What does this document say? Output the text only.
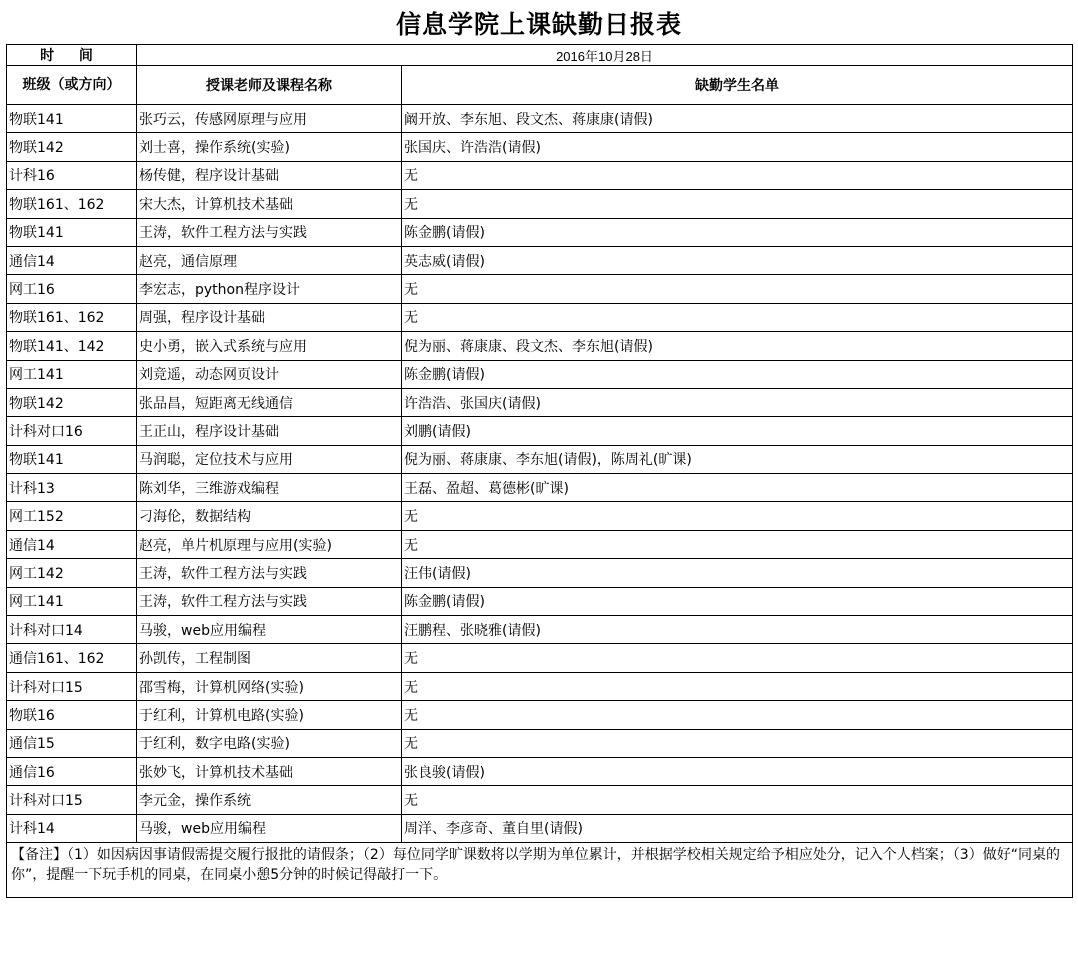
信息学院上课缺勤日报表
时 间	2016年10月28日	
班级（或方向）	授课老师及课程名称	缺勤学生名单
物联141	张巧云，传感网原理与应用	阚开放、李东旭、段文杰、蒋康康(请假)
物联142	刘士喜，操作系统(实验)	张国庆、许浩浩(请假)
计科16	杨传健，程序设计基础	无
物联161、162	宋大杰，计算机技术基础	无
物联141	王涛，软件工程方法与实践	陈金鹏(请假)
通信14	赵亮，通信原理	英志威(请假)
网工16	李宏志，python程序设计	无
物联161、162	周强，程序设计基础	无
物联141、142	史小勇，嵌入式系统与应用	倪为丽、蒋康康、段文杰、李东旭(请假)
网工141	刘竞遥，动态网页设计	陈金鹏(请假)
物联142	张品昌，短距离无线通信	许浩浩、张国庆(请假)
计科对口16	王正山，程序设计基础	刘鹏(请假)
物联141	马润聪，定位技术与应用	倪为丽、蒋康康、李东旭(请假)，陈周礼(旷课)
计科13	陈刘华，三维游戏编程	王磊、盈超、葛德彬(旷课)
网工152	刁海伦，数据结构	无
通信14	赵亮，单片机原理与应用(实验)	无
网工142	王涛，软件工程方法与实践	汪伟(请假)
网工141	王涛，软件工程方法与实践	陈金鹏(请假)
计科对口14	马骏，web应用编程	汪鹏程、张晓雅(请假)
通信161、162	孙凯传，工程制图	无
计科对口15	邵雪梅，计算机网络(实验)	无
物联16	于红利，计算机电路(实验)	无
通信15	于红利，数字电路(实验)	无
通信16	张妙飞，计算机技术基础	张良骏(请假)
计科对口15	李元金，操作系统	无
计科14	马骏，web应用编程	周洋、李彦奇、董自里(请假)
【备注】（1）如因病因事请假需提交履行报批的请假条；（2）每位同学旷课数将以学期为单位累计，并根据学校相关规定给予相应处分，记入个人档案；（3）做好“同桌的你”，提醒一下玩手机的同桌，在同桌小憩5分钟的时候记得敲打一下。		
